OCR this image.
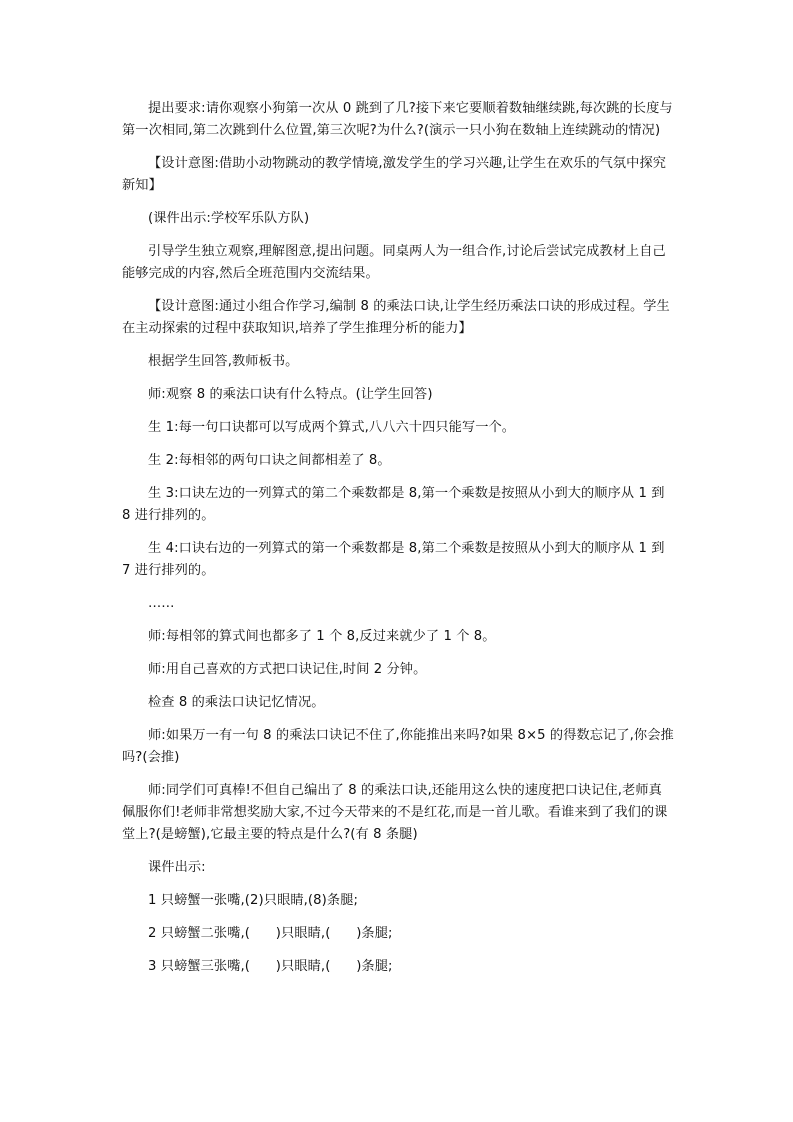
提出要求:请你观察小狗第一次从 0 跳到了几?接下来它要顺着数轴继续跳,每次跳的长度与第一次相同,第二次跳到什么位置,第三次呢?为什么?(演示一只小狗在数轴上连续跳动的情况)

【设计意图:借助小动物跳动的教学情境,激发学生的学习兴趣,让学生在欢乐的气氛中探究新知】

(课件出示:学校军乐队方队)

引导学生独立观察,理解图意,提出问题。同桌两人为一组合作,讨论后尝试完成教材上自己能够完成的内容,然后全班范围内交流结果。

【设计意图:通过小组合作学习,编制 8 的乘法口诀,让学生经历乘法口诀的形成过程。学生在主动探索的过程中获取知识,培养了学生推理分析的能力】

根据学生回答,教师板书。

师:观察 8 的乘法口诀有什么特点。(让学生回答)

生 1:每一句口诀都可以写成两个算式,八八六十四只能写一个。

生 2:每相邻的两句口诀之间都相差了 8。

生 3:口诀左边的一列算式的第二个乘数都是 8,第一个乘数是按照从小到大的顺序从 1 到 8 进行排列的。

生 4:口诀右边的一列算式的第一个乘数都是 8,第二个乘数是按照从小到大的顺序从 1 到 7 进行排列的。

……

师:每相邻的算式间也都多了 1 个 8,反过来就少了 1 个 8。

师:用自己喜欢的方式把口诀记住,时间 2 分钟。

检查 8 的乘法口诀记忆情况。

师:如果万一有一句 8 的乘法口诀记不住了,你能推出来吗?如果 8×5 的得数忘记了,你会推吗?(会推)

师:同学们可真棒!不但自己编出了 8 的乘法口诀,还能用这么快的速度把口诀记住,老师真佩服你们!老师非常想奖励大家,不过今天带来的不是红花,而是一首儿歌。看谁来到了我们的课堂上?(是螃蟹),它最主要的特点是什么?(有 8 条腿)

课件出示:

1 只螃蟹一张嘴,(2)只眼睛,(8)条腿;

2 只螃蟹二张嘴,(      )只眼睛,(      )条腿;

3 只螃蟹三张嘴,(      )只眼睛,(      )条腿;
